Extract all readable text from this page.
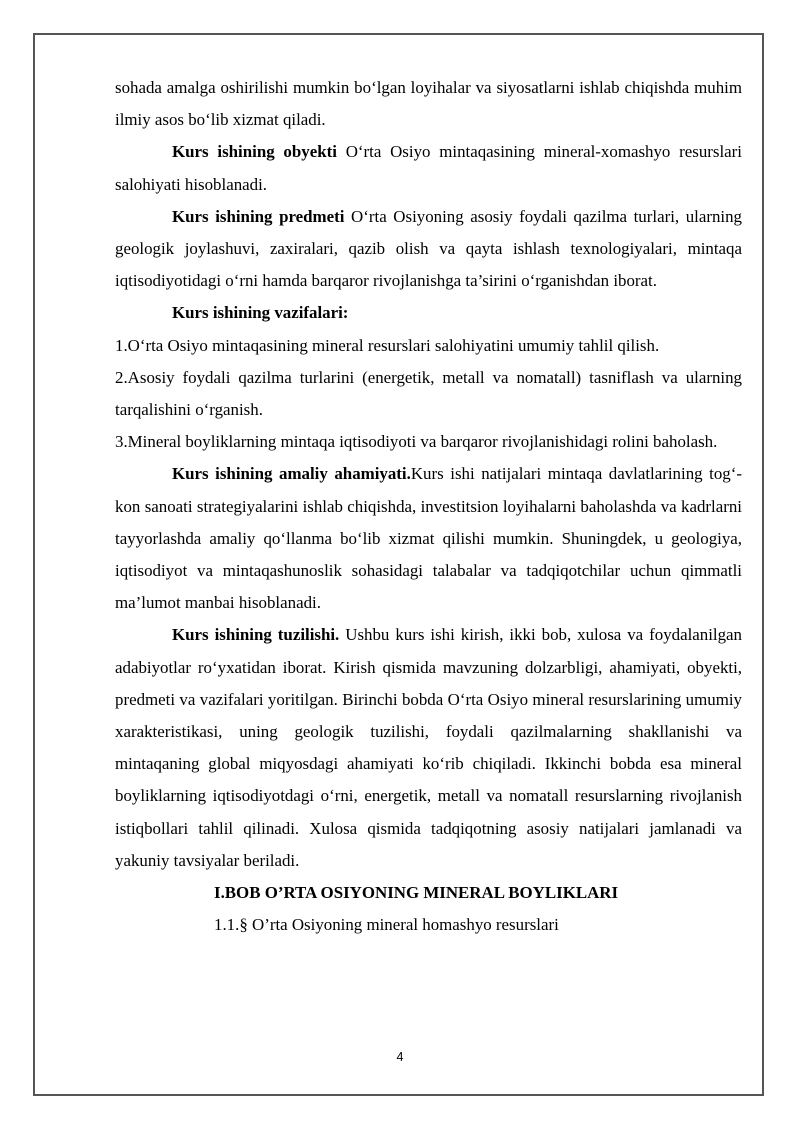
sohada amalga oshirilishi mumkin bo‘lgan loyihalar va siyosatlarni ishlab chiqishda muhim ilmiy asos bo‘lib xizmat qiladi.

Kurs ishining obyekti O‘rta Osiyo mintaqasining mineral-xomashyo resurslari salohiyati hisoblanadi.

Kurs ishining predmeti O‘rta Osiyoning asosiy foydali qazilma turlari, ularning geologik joylashuvi, zaxiralari, qazib olish va qayta ishlash texnologiyalari, mintaqa iqtisodiyotidagi o‘rni hamda barqaror rivojlanishga ta’sirini o‘rganishdan iborat.

Kurs ishining vazifalari:

1.O‘rta Osiyo mintaqasining mineral resurslari salohiyatini umumiy tahlil qilish.

2.Asosiy foydali qazilma turlarini (energetik, metall va nomatall) tasniflash va ularning tarqalishini o‘rganish.

3.Mineral boyliklarning mintaqa iqtisodiyoti va barqaror rivojlanishidagi rolini baholash.

Kurs ishining amaliy ahamiyati.Kurs ishi natijalari mintaqa davlatlarining tog‘-kon sanoati strategiyalarini ishlab chiqishda, investitsion loyihalarni baholashda va kadrlarni tayyorlashda amaliy qo‘llanma bo‘lib xizmat qilishi mumkin. Shuningdek, u geologiya, iqtisodiyot va mintaqashunoslik sohasidagi talabalar va tadqiqotchilar uchun qimmatli ma’lumot manbai hisoblanadi.

Kurs ishining tuzilishi. Ushbu kurs ishi kirish, ikki bob, xulosa va foydalanilgan adabiyotlar ro‘yxatidan iborat. Kirish qismida mavzuning dolzarbligi, ahamiyati, obyekti, predmeti va vazifalari yoritilgan. Birinchi bobda O‘rta Osiyo mineral resurslarining umumiy xarakteristikasi, uning geologik tuzilishi, foydali qazilmalarning shakllanishi va mintaqaning global miqyosdagi ahamiyati ko‘rib chiqiladi. Ikkinchi bobda esa mineral boyliklarning iqtisodiyotdagi o‘rni, energetik, metall va nomatall resurslarning rivojlanish istiqbollari tahlil qilinadi. Xulosa qismida tadqiqotning asosiy natijalari jamlanadi va yakuniy tavsiyalar beriladi.

I.BOB O’RTA OSIYONING MINERAL BOYLIKLARI

1.1.§ O’rta Osiyoning mineral homashyo resurslari

4
